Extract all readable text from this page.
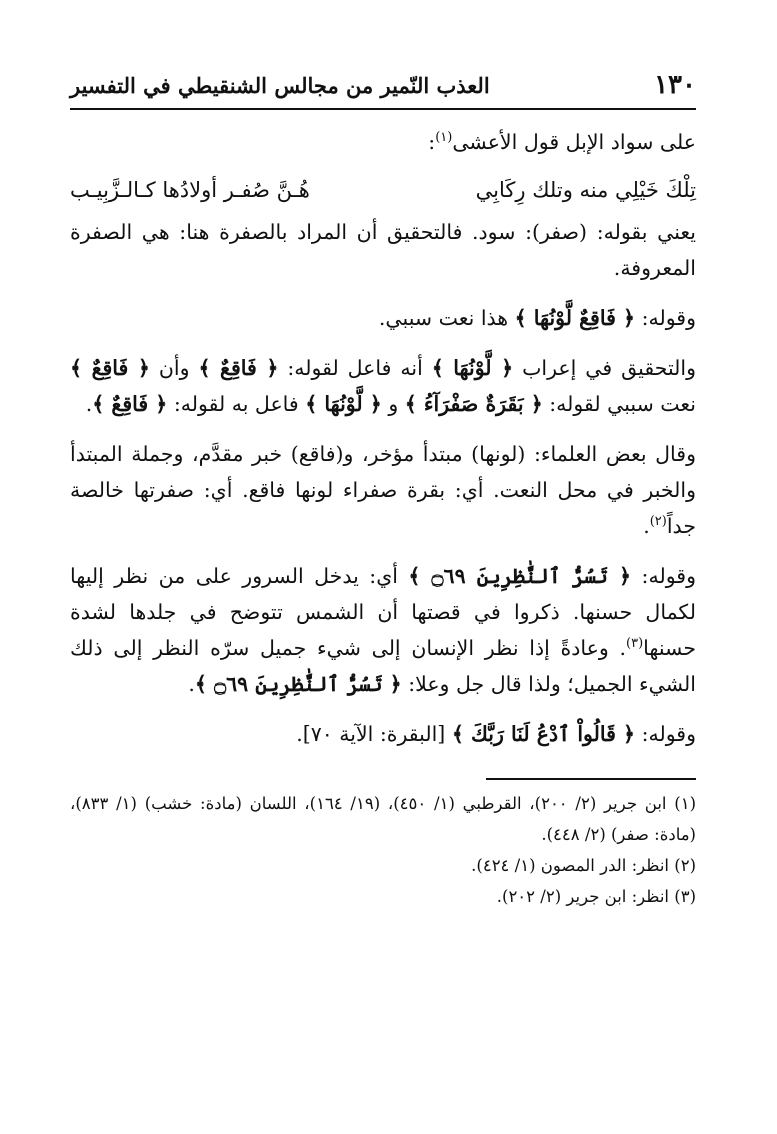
١٣٠
العذب النّمير من مجالس الشنقيطي في التفسير

على سواد الإبل قول الأعشى$^{(١)}$:

تِلْكَ خَيْلِي منه وتلك رِكَابِي
هُـنَّ صُفـر أولادُها كـالـزَّبِيـب

يعني بقوله: (صفر): سود. فالتحقيق أن المراد بالصفرة هنا: هي الصفرة المعروفة.

وقوله: ﴿ فَاقِعٌ لَّوْنُهَا ﴾ هذا نعت سببي.

والتحقيق في إعراب ﴿ لَّوْنُهَا ﴾ أنه فاعل لقوله: ﴿ فَاقِعٌ ﴾ وأن ﴿ فَاقِعٌ ﴾ نعت سببي لقوله: ﴿ بَقَرَةٌ صَفْرَآءُ ﴾ و ﴿ لَّوْنُهَا ﴾ فاعل به لقوله: ﴿ فَاقِعٌ ﴾.

وقال بعض العلماء: (لونها) مبتدأ مؤخر، و(فاقع) خبر مقدَّم، وجملة المبتدأ والخبر في محل النعت. أي: بقرة صفراء لونها فاقع. أي: صفرتها خالصة جداً$^{(٢)}$.

وقوله: ﴿ تَسُرُّ ٱلنَّٰظِرِينَ ۝٦٩ ﴾ أي: يدخل السرور على من نظر إليها لكمال حسنها. ذكروا في قصتها أن الشمس تتوضح في جلدها لشدة حسنها$^{(٣)}$. وعادةً إذا نظر الإنسان إلى شيء جميل سرّه النظر إلى ذلك الشيء الجميل؛ ولذا قال جل وعلا: ﴿ تَسُرُّ ٱلنَّٰظِرِينَ ۝٦٩ ﴾.

وقوله: ﴿ قَالُواْ ٱدْعُ لَنَا رَبَّكَ ﴾ [البقرة: الآية ٧٠].

(١) ابن جرير (٢/ ٢٠٠)، القرطبي (١/ ٤٥٠)، (١٩/ ١٦٤)، اللسان (مادة: خشب) (١/ ٨٣٣)، (مادة: صفر) (٢/ ٤٤٨).
(٢) انظر: الدر المصون (١/ ٤٢٤).
(٣) انظر: ابن جرير (٢/ ٢٠٢).
